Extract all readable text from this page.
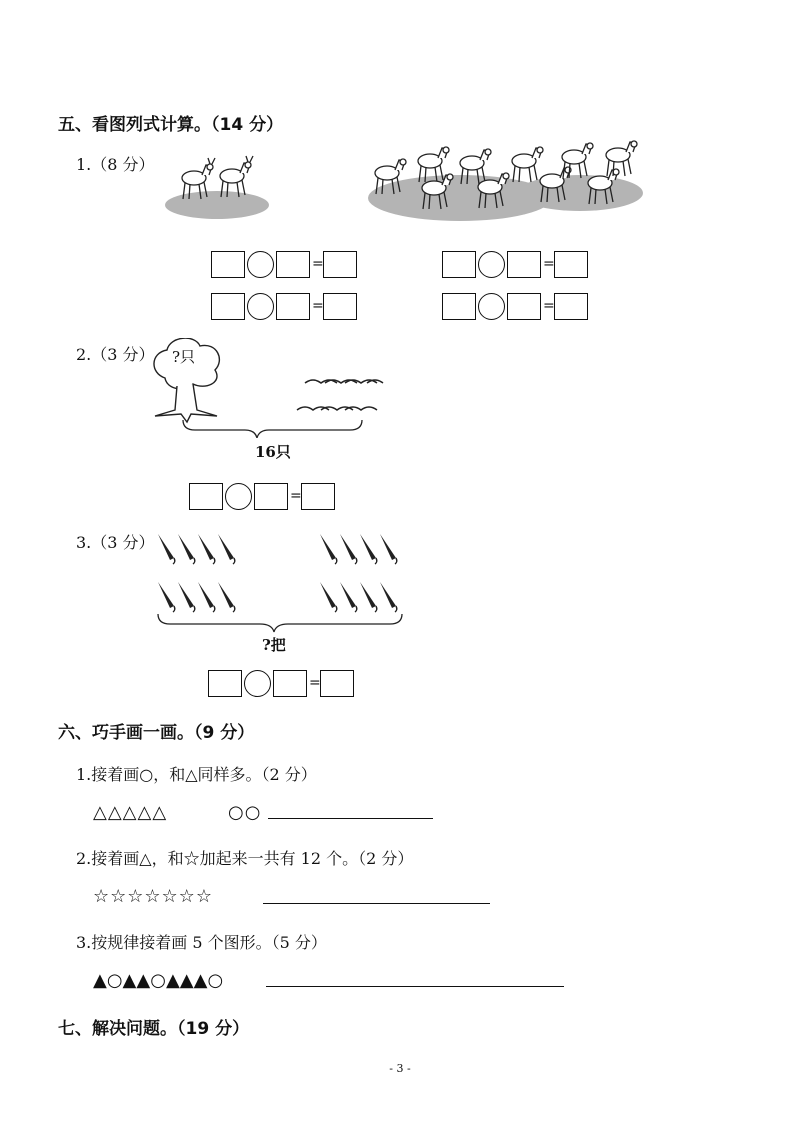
五、看图列式计算。（14 分）
1.（8 分）
=	=
=	=
2.（3 分） ?只
16只
=
3.（3 分）
?把
=
六、巧手画一画。（9 分）
1.接着画○，和△同样多。（2 分）
△△△△△	○○
2.接着画△，和☆加起来一共有 12 个。（2 分）
☆☆☆☆☆☆☆
3.按规律接着画 5 个图形。（5 分）
▲○▲▲○▲▲▲○
七、解决问题。（19 分）
- 3 -
